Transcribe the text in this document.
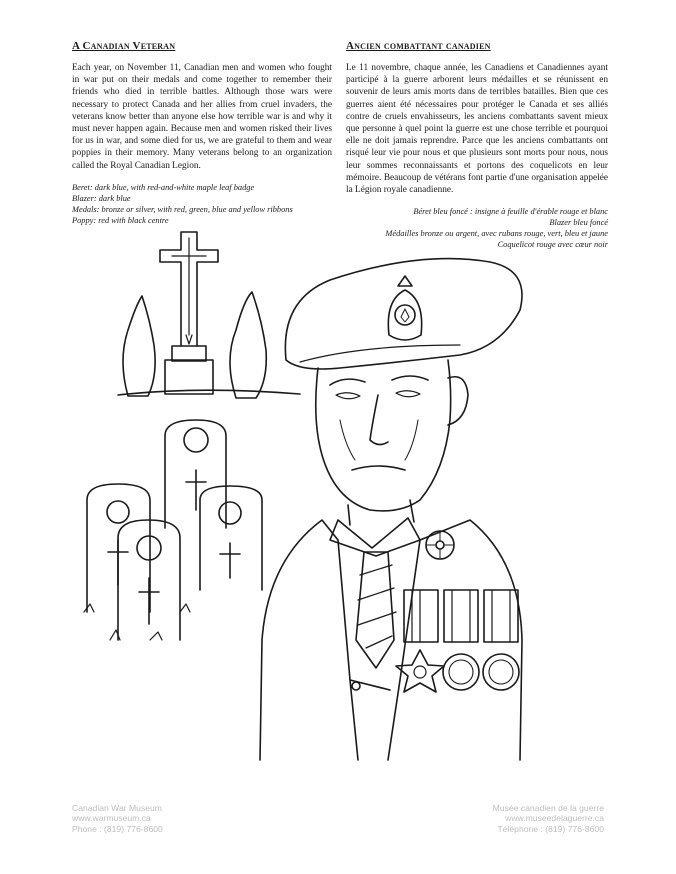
A Canadian Veteran

Each year, on November 11, Canadian men and women who fought in war put on their medals and come together to remember their friends who died in terrible battles. Although those wars were necessary to protect Canada and her allies from cruel invaders, the veterans know better than anyone else how terrible war is and why it must never happen again. Because men and women risked their lives for us in war, and some died for us, we are grateful to them and wear poppies in their memory. Many veterans belong to an organization called the Royal Canadian Legion.

Beret: dark blue, with red-and-white maple leaf badge
Blazer: dark blue
Medals: bronze or silver, with red, green, blue and yellow ribbons
Poppy: red with black centre
Ancien combattant canadien

Le 11 novembre, chaque année, les Canadiens et Canadiennes ayant participé à la guerre arborent leurs médailles et se réunissent en souvenir de leurs amis morts dans de terribles batailles. Bien que ces guerres aient été nécessaires pour protéger le Canada et ses alliés contre de cruels envahisseurs, les anciens combattants savent mieux que personne à quel point la guerre est une chose terrible et pourquoi elle ne doit jamais reprendre. Parce que les anciens combattants ont risqué leur vie pour nous et que plusieurs sont morts pour nous, nous leur sommes reconnaissants et portons des coquelicots en leur mémoire. Beaucoup de vétérans font partie d'une organisation appelée la Légion royale canadienne.

Béret bleu foncé : insigne à feuille d'érable rouge et blanc
Blazer bleu foncé
Médailles bronze ou argent, avec rubans rouge, vert, bleu et jaune
Coquelicot rouge avec cœur noir
Canadian War Museum
www.warmuseum.ca
Phone : (819) 776-8600
Musée canadien de la guerre
www.museedelaguerre.ca
Téléphone : (819) 776-8600
